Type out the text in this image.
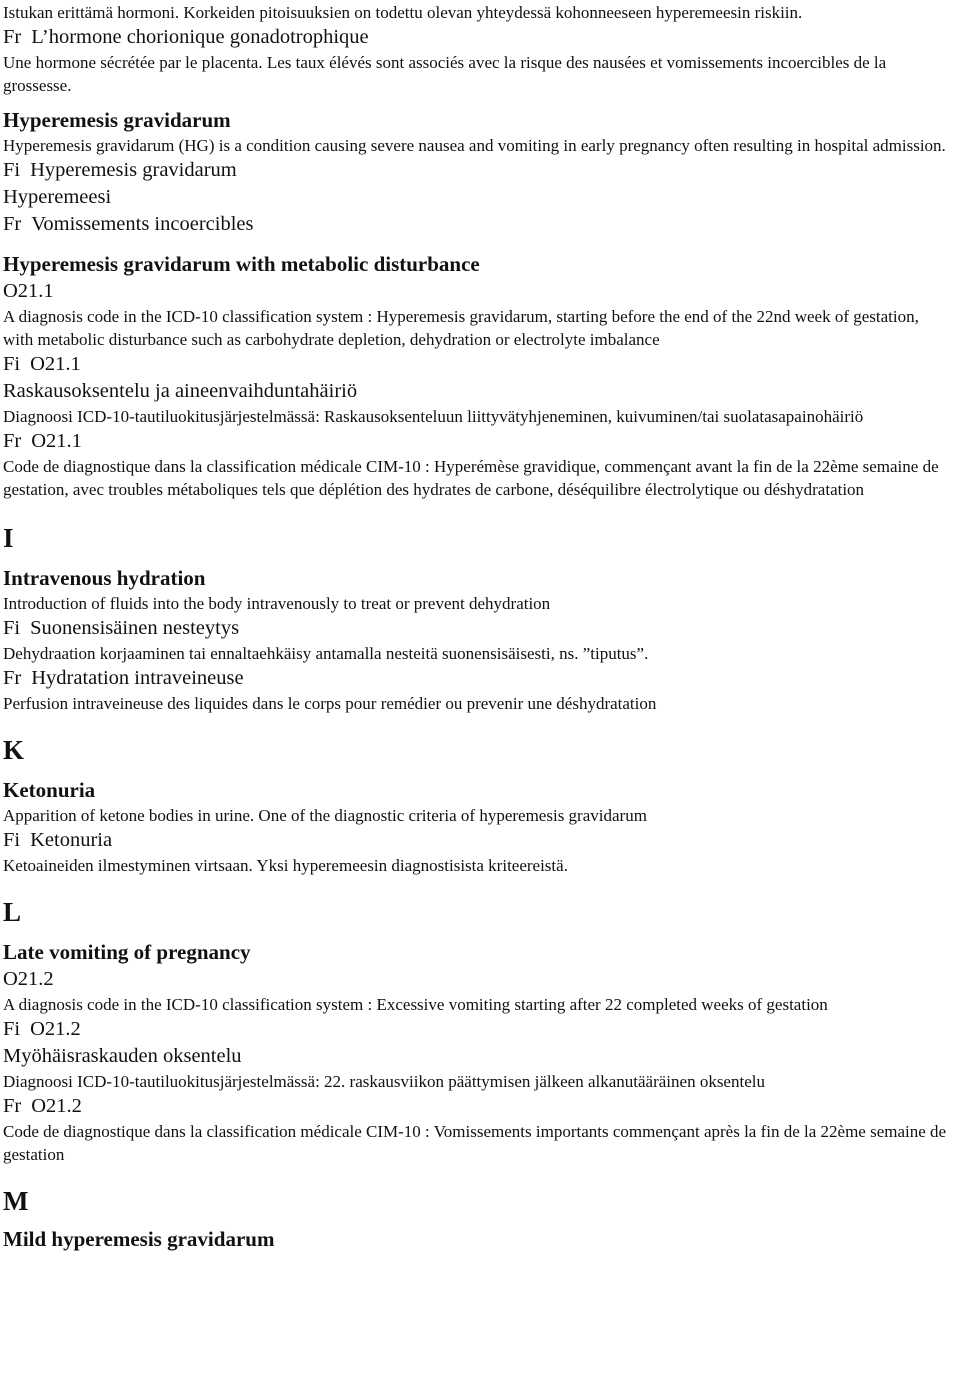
Istukan erittämä hormoni. Korkeiden pitoisuuksien on todettu olevan yhteydessä kohonneeseen hyperemeesin riskiin.

Fr L’hormone chorionique gonadotrophique

Une hormone sécrétée par le placenta. Les taux élévés sont associés avec la risque des nausées et vomissements incoercibles de la grossesse.

Hyperemesis gravidarum

Hyperemesis gravidarum (HG) is a condition causing severe nausea and vomiting in early pregnancy often resulting in hospital admission.

Fi Hyperemesis gravidarum

Hyperemeesi

Fr Vomissements incoercibles

Hyperemesis gravidarum with metabolic disturbance

O21.1

A diagnosis code in the ICD-10 classification system : Hyperemesis gravidarum, starting before the end of the 22nd week of gestation, with metabolic disturbance such as carbohydrate depletion, dehydration or electrolyte imbalance

Fi O21.1

Raskausoksentelu ja aineenvaihduntahäiriö

Diagnoosi ICD-10-tautiluokitusjärjestelmässä: Raskausoksenteluun liittyvätyhjeneminen, kuivuminen/tai suolatasapainohäiriö

Fr O21.1

Code de diagnostique dans la classification médicale CIM-10 : Hyperémèse gravidique, commençant avant la fin de la 22ème semaine de gestation, avec troubles métaboliques tels que déplétion des hydrates de carbone, déséquilibre électrolytique ou déshydratation

I

Intravenous hydration

Introduction of fluids into the body intravenously to treat or prevent dehydration

Fi Suonensisäinen nesteytys

Dehydraation korjaaminen tai ennaltaehkäisy antamalla nesteitä suonensisäisesti, ns. ”tiputus”.

Fr Hydratation intraveineuse

Perfusion intraveineuse des liquides dans le corps pour remédier ou prevenir une déshydratation

K

Ketonuria

Apparition of ketone bodies in urine. One of the diagnostic criteria of hyperemesis gravidarum

Fi Ketonuria

Ketoaineiden ilmestyminen virtsaan. Yksi hyperemeesin diagnostisista kriteereistä.

L

Late vomiting of pregnancy

O21.2

A diagnosis code in the ICD-10 classification system : Excessive vomiting starting after 22 completed weeks of gestation

Fi O21.2

Myöhäisraskauden oksentelu

Diagnoosi ICD-10-tautiluokitusjärjestelmässä: 22. raskausviikon päättymisen jälkeen alkanutääräinen oksentelu

Fr O21.2

Code de diagnostique dans la classification médicale CIM-10 : Vomissements importants commençant après la fin de la 22ème semaine de gestation

M

Mild hyperemesis gravidarum
